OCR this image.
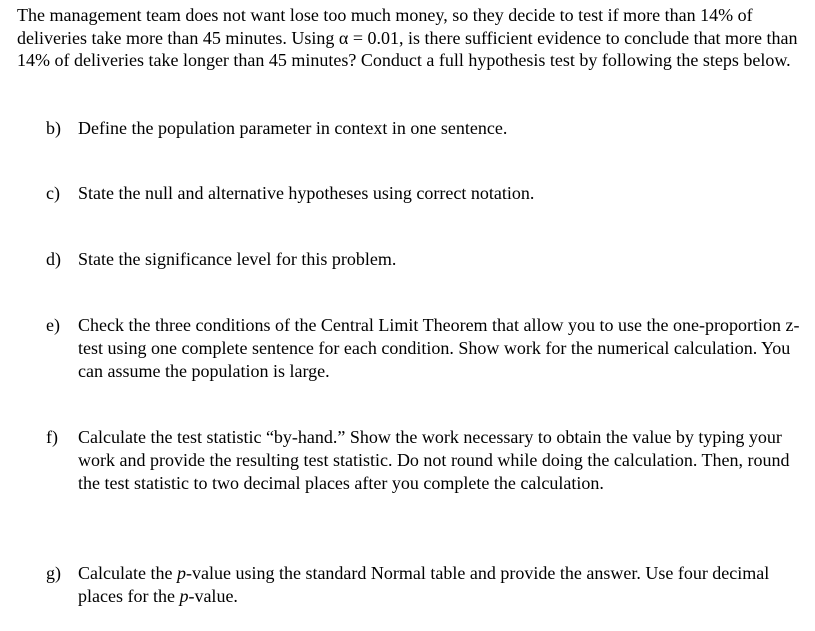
The management team does not want lose too much money, so they decide to test if more than 14% of deliveries take more than 45 minutes. Using α = 0.01, is there sufficient evidence to conclude that more than 14% of deliveries take longer than 45 minutes? Conduct a full hypothesis test by following the steps below.

b) Define the population parameter in context in one sentence.
c)	State the null and alternative hypotheses using correct notation.
d) State the significance level for this problem.
e)	Check the three conditions of the Central Limit Theorem that allow you to use the one-proportion z-test using one complete sentence for each condition. Show work for the numerical calculation. You can assume the population is large.
f)	Calculate the test statistic “by-hand.” Show the work necessary to obtain the value by typing your work and provide the resulting test statistic. Do not round while doing the calculation. Then, round the test statistic to two decimal places after you complete the calculation.
g) Calculate the p-value using the standard Normal table and provide the answer. Use four decimal places for the p-value.
